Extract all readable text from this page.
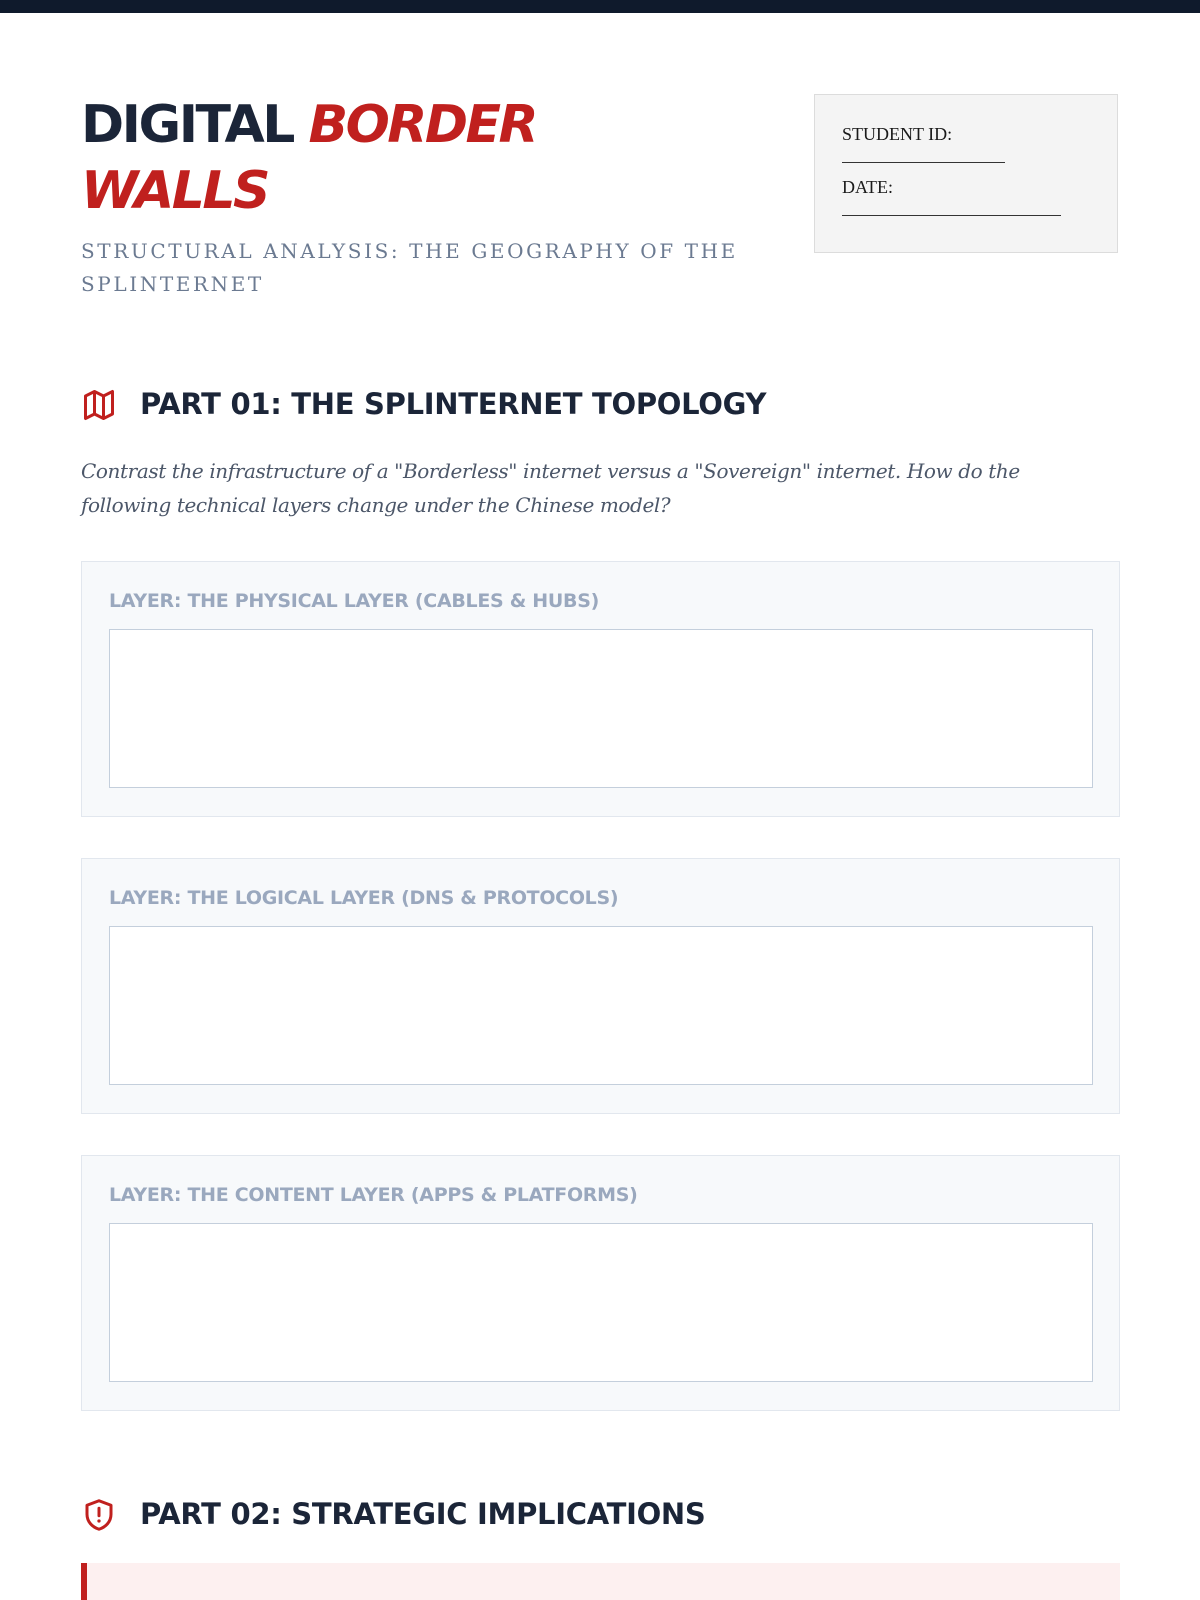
DIGITAL BORDER WALLS

STRUCTURAL ANALYSIS: THE GEOGRAPHY OF THE SPLINTERNET

STUDENT ID:
DATE:
PART 01: THE SPLINTERNET TOPOLOGY

Contrast the infrastructure of a "Borderless" internet versus a "Sovereign" internet. How do the following technical layers change under the Chinese model?

LAYER: THE PHYSICAL LAYER (CABLES & HUBS)
LAYER: THE LOGICAL LAYER (DNS & PROTOCOLS)
LAYER: THE CONTENT LAYER (APPS & PLATFORMS)
PART 02: STRATEGIC IMPLICATIONS
